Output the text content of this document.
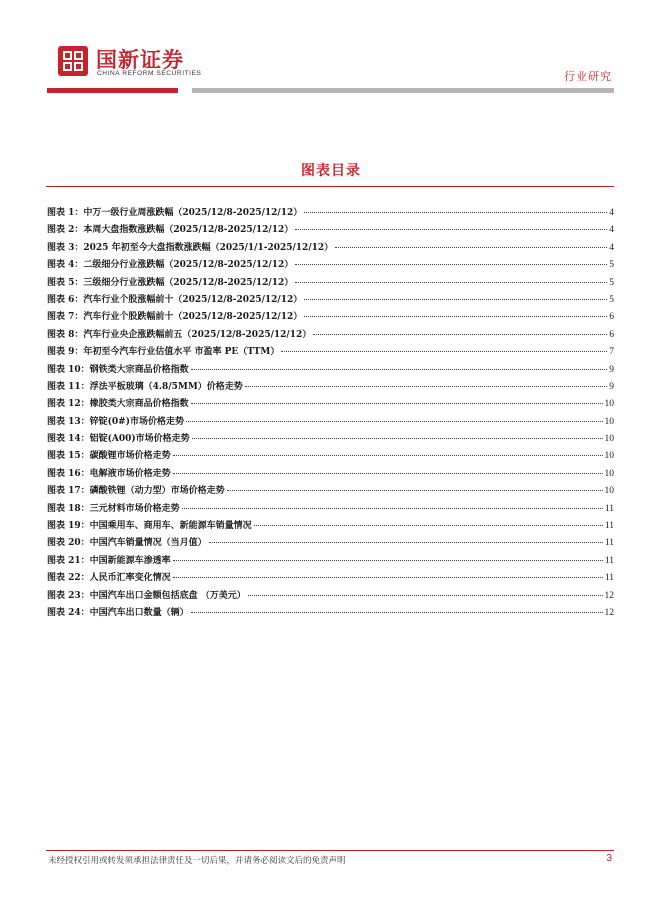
国新证券
CHINA REFORM SECURITIES	行业研究
图表目录
图表 1：中万一级行业周涨跌幅（2025/12/8-2025/12/12）	4
图表 2：本周大盘指数涨跌幅（2025/12/8-2025/12/12）	4
图表 3：2025 年初至今大盘指数涨跌幅（2025/1/1-2025/12/12）	4
图表 4：二级细分行业涨跌幅（2025/12/8-2025/12/12）	5
图表 5：三级细分行业涨跌幅（2025/12/8-2025/12/12）	5
图表 6：汽车行业个股涨幅前十（2025/12/8-2025/12/12）	5
图表 7：汽车行业个股跌幅前十（2025/12/8-2025/12/12）	6
图表 8：汽车行业央企涨跌幅前五（2025/12/8-2025/12/12）	6
图表 9：年初至今汽车行业估值水平 市盈率 PE（TTM）	7
图表 10：钢铁类大宗商品价格指数	9
图表 11：浮法平板玻璃（4.8/5MM）价格走势	9
图表 12：橡胶类大宗商品价格指数	10
图表 13：锌锭(0#)市场价格走势	10
图表 14：铝锭(A00)市场价格走势	10
图表 15：碳酸锂市场价格走势	10
图表 16：电解液市场价格走势	10
图表 17：磷酸铁锂（动力型）市场价格走势	10
图表 18：三元材料市场价格走势	11
图表 19：中国乘用车、商用车、新能源车销量情况	11
图表 20：中国汽车销量情况（当月值）	11
图表 21：中国新能源车渗透率	11
图表 22：人民币汇率变化情况	11
图表 23：中国汽车出口金额包括底盘 （万美元）	12
图表 24：中国汽车出口数量（辆）	12
未经授权引用或转发须承担法律责任及一切后果，并请务必阅读文后的免责声明	3
